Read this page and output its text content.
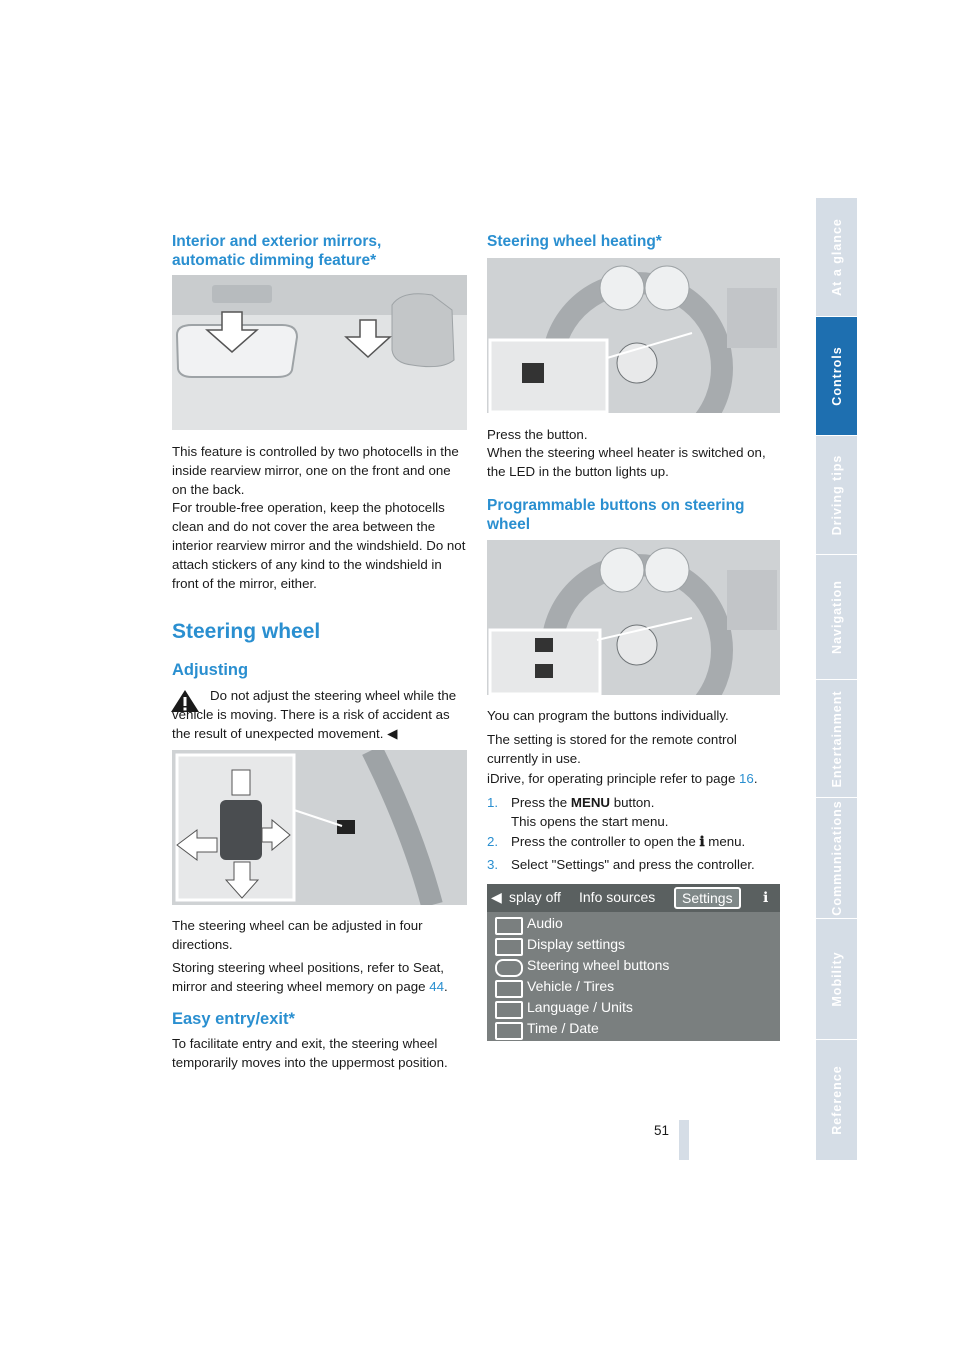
At a glance
Controls
Driving tips
Navigation
Entertainment
Communications
Mobility
Reference
Interior and exterior mirrors, automatic dimming feature*

This feature is controlled by two photocells in the inside rearview mirror, one on the front and one on the back.

For trouble-free operation, keep the photocells clean and do not cover the area between the interior rearview mirror and the windshield. Do not attach stickers of any kind to the windshield in front of the mirror, either.

Steering wheel
Adjusting

Do not adjust the steering wheel while the vehicle is moving. There is a risk of accident as the result of unexpected movement. ◀

The steering wheel can be adjusted in four directions.

Storing steering wheel positions, refer to Seat, mirror and steering wheel memory on page 44.

Easy entry/exit*

To facilitate entry and exit, the steering wheel temporarily moves into the uppermost position.

Steering wheel heating*

Press the button.

When the steering wheel heater is switched on, the LED in the button lights up.

Programmable buttons on steering wheel

You can program the buttons individually.

The setting is stored for the remote control currently in use.

iDrive, for operating principle refer to page 16.

1. Press the MENU button.
This opens the start menu.
2. Press the controller to open the ℹ menu.
3. Select "Settings" and press the controller.
◀ splay off Info sources	Settings	ℹ
Audio
Display settings
Steering wheel buttons
Vehicle / Tires
Language / Units
Time / Date
51
